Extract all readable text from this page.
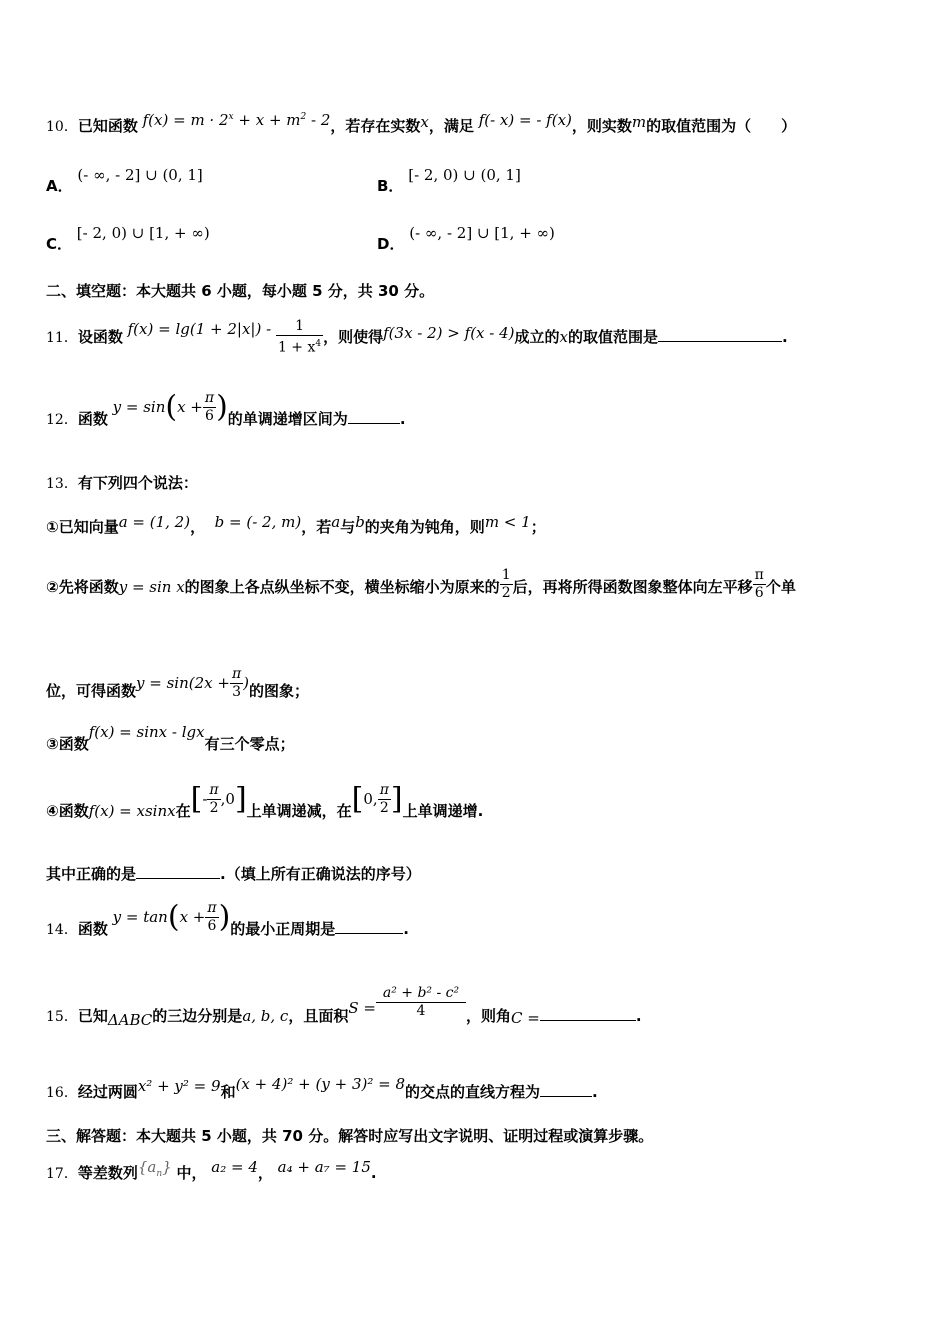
10．已知函数 $f(x) = m \cdot 2^x + x + m^2 - 2$，若存在实数x，满足 f(- x) = - f(x)，则实数m的取值范围为（　　）
A． (- ∞, - 2] ∪ (0, 1]
B． [- 2, 0) ∪ (0, 1]
C． [- 2, 0) ∪ [1, + ∞)
D． (- ∞, - 2] ∪ [1, + ∞)
二、填空题：本大题共 6 小题，每小题 5 分，共 30 分。
11．设函数 $f(x) = \lg(1 + 2|x|) - \frac{1}{1 + x^4}$ ，则使得f(3x - 2) > f(x - 4)成立的x的取值范围是	.
12．函数 $y = \sin(x + \frac{\pi}{6}$ )的单调递增区间为	.
13．有下列四个说法：
①已知向量a = (1, 2)， b = (- 2, m)，若a与b的夹角为钝角，则m < 1；
②先将函数y = sin x的图象上各点纵坐标不变，横坐标缩小为原来的 $\frac{1}{2}$ 后，再将所得函数图象整体向左平移 $\frac{\pi}{6}$ 个单
位，可得函数$y = \sin(2x + \frac{\pi}{3}$ )的图象；
③函数f(x) = sinx - lgx有三个零点；
④函数f(x) = xsinx在[- $\frac{\pi}{2} ,0$]上单调递减，在[0, $\frac{\pi}{2}$ ]上单调递增.
其中正确的是	.（填上所有正确说法的序号）
14．函数 $y = \tan(x + \frac{\pi}{6}$ )的最小正周期是	.
15．已知ΔABC的三边分别是a, b, c，且面积$S = \frac{\text{a² + b² - c²}}{4}$ ，则角C =	.
16．经过两圆x² + y² = 9和(x + 4)² + (y + 3)² = 8的交点的直线方程为	.
三、解答题：本大题共 5 小题，共 70 分。解答时应写出文字说明、证明过程或演算步骤。
17．等差数列$\{a_n\}$ 中， a₂ = 4， a₄ + a₇ = 15.
